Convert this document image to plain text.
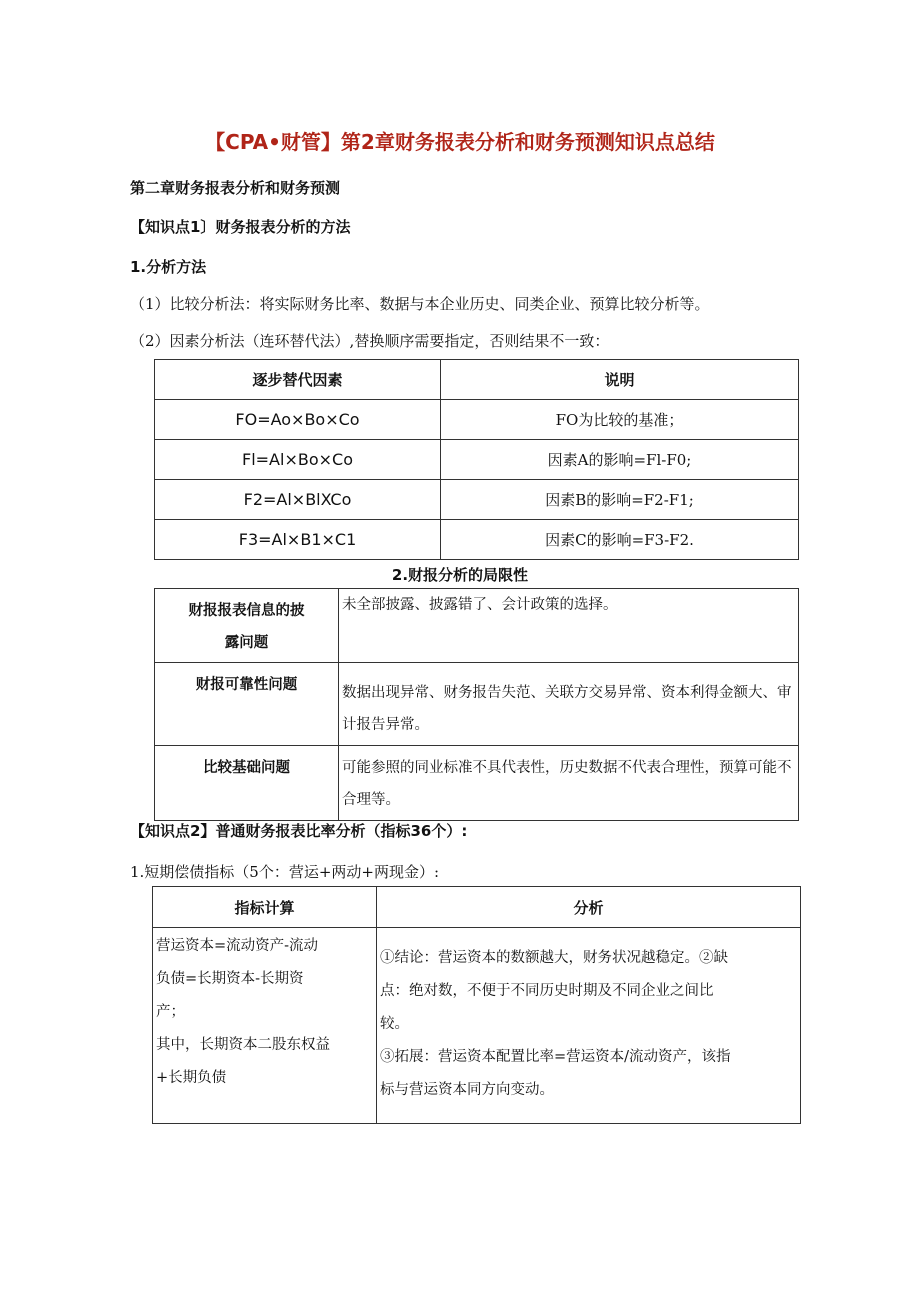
【CPA•财管】第2章财务报表分析和财务预测知识点总结
第二章财务报表分析和财务预测
【知识点1〕财务报表分析的方法
1.分析方法
（1）比较分析法：将实际财务比率、数据与本企业历史、同类企业、预算比较分析等。
（2）因素分析法（连环替代法）,替换顺序需要指定，否则结果不一致：
逐步替代因素	说明
FO=Ao×Bo×Co	FO为比较的基准；
Fl=Al×Bo×Co	因素A的影响=Fl-F0;
F2=Al×BlXCo	因素B的影响=F2-F1;
F3=Al×B1×C1	因素C的影响=F3-F2.
2.财报分析的局限性
财报报表信息的披
露问题	未全部披露、披露错了、会计政策的选择。

财报可靠性问题	数据出现异常、财务报告失范、关联方交易异常、资本利得金额大、审计报告异常。

比较基础问题	可能参照的同业标准不具代表性，历史数据不代表合理性，预算可能不合理等。
【知识点2】普通财务报表比率分析（指标36个）:
1.短期偿债指标（5个：营运+两动+两现金）:
指标计算	分析

营运资本=流动资产-流动
负债=长期资本-长期资
产；
其中，长期资本二股东权益
+长期负债	①结论：营运资本的数额越大，财务状况越稳定。②缺
点：绝对数，不便于不同历史时期及不同企业之间比
较。
③拓展：营运资本配置比率=营运资本/流动资产，该指
标与营运资本同方向变动。
